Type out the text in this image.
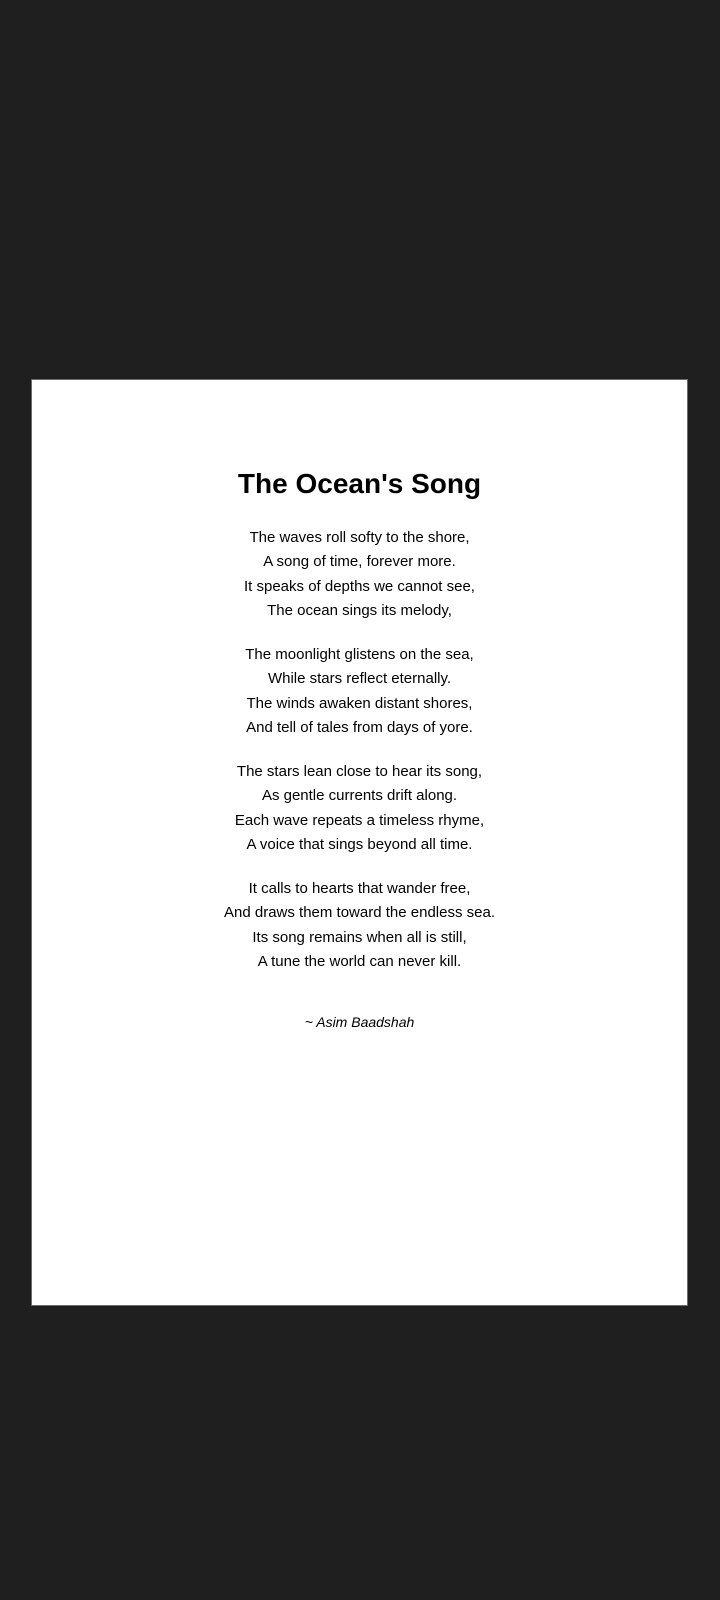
The Ocean's Song
The waves roll softy to the shore,
A song of time, forever more.
It speaks of depths we cannot see,
The ocean sings its melody,
The moonlight glistens on the sea,
While stars reflect eternally.
The winds awaken distant shores,
And tell of tales from days of yore.
The stars lean close to hear its song,
As gentle currents drift along.
Each wave repeats a timeless rhyme,
A voice that sings beyond all time.
It calls to hearts that wander free,
And draws them toward the endless sea.
Its song remains when all is still,
A tune the world can never kill.
~ Asim Baadshah
